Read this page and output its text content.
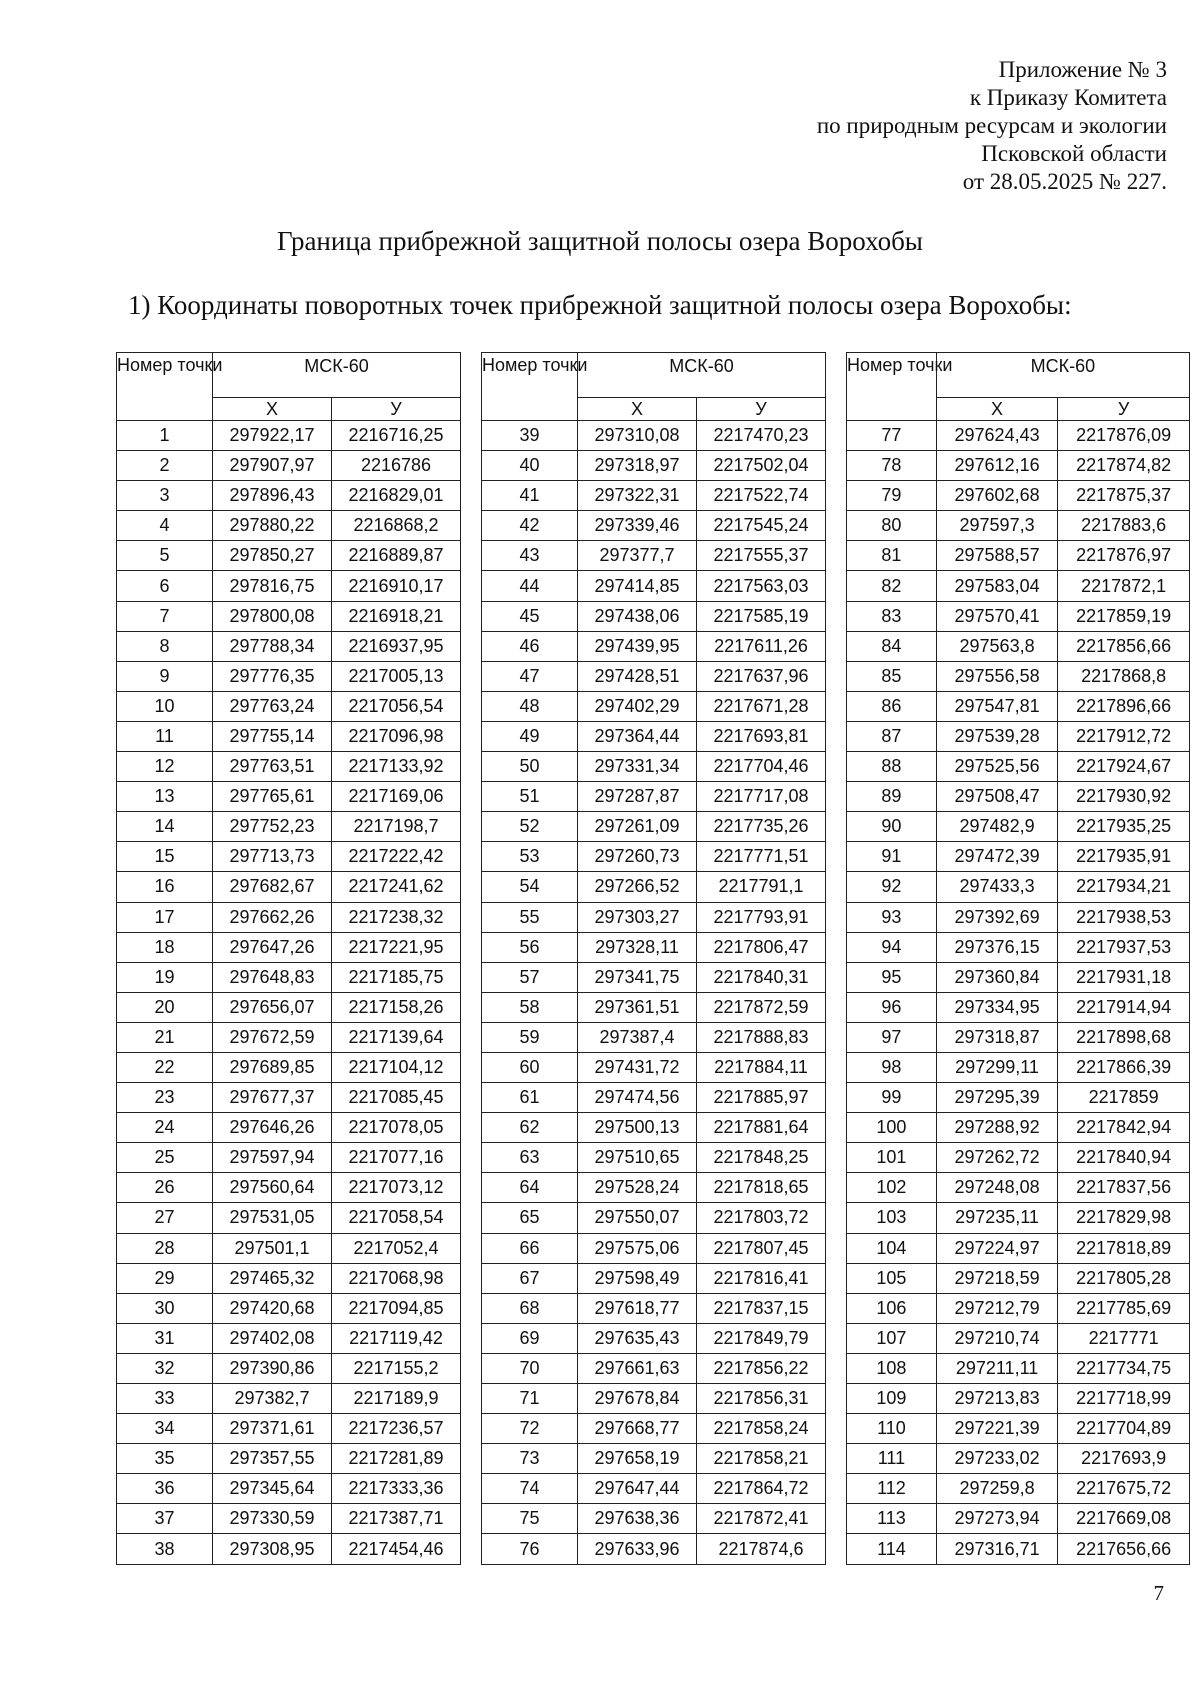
Приложение № 3
к Приказу Комитета
по природным ресурсам и экологии
Псковской области
от 28.05.2025 № 227.
Граница прибрежной защитной полосы озера Ворохобы
1) Координаты поворотных точек прибрежной защитной полосы озера Ворохобы:
Номер точки	МСК-60	
	X	У
1	297922,17	2216716,25
2	297907,97	2216786
3	297896,43	2216829,01
4	297880,22	2216868,2
5	297850,27	2216889,87
6	297816,75	2216910,17
7	297800,08	2216918,21
8	297788,34	2216937,95
9	297776,35	2217005,13
10	297763,24	2217056,54
11	297755,14	2217096,98
12	297763,51	2217133,92
13	297765,61	2217169,06
14	297752,23	2217198,7
15	297713,73	2217222,42
16	297682,67	2217241,62
17	297662,26	2217238,32
18	297647,26	2217221,95
19	297648,83	2217185,75
20	297656,07	2217158,26
21	297672,59	2217139,64
22	297689,85	2217104,12
23	297677,37	2217085,45
24	297646,26	2217078,05
25	297597,94	2217077,16
26	297560,64	2217073,12
27	297531,05	2217058,54
28	297501,1	2217052,4
29	297465,32	2217068,98
30	297420,68	2217094,85
31	297402,08	2217119,42
32	297390,86	2217155,2
33	297382,7	2217189,9
34	297371,61	2217236,57
35	297357,55	2217281,89
36	297345,64	2217333,36
37	297330,59	2217387,71
38	297308,95	2217454,46
Номер точки	МСК-60	
	X	У
39	297310,08	2217470,23
40	297318,97	2217502,04
41	297322,31	2217522,74
42	297339,46	2217545,24
43	297377,7	2217555,37
44	297414,85	2217563,03
45	297438,06	2217585,19
46	297439,95	2217611,26
47	297428,51	2217637,96
48	297402,29	2217671,28
49	297364,44	2217693,81
50	297331,34	2217704,46
51	297287,87	2217717,08
52	297261,09	2217735,26
53	297260,73	2217771,51
54	297266,52	2217791,1
55	297303,27	2217793,91
56	297328,11	2217806,47
57	297341,75	2217840,31
58	297361,51	2217872,59
59	297387,4	2217888,83
60	297431,72	2217884,11
61	297474,56	2217885,97
62	297500,13	2217881,64
63	297510,65	2217848,25
64	297528,24	2217818,65
65	297550,07	2217803,72
66	297575,06	2217807,45
67	297598,49	2217816,41
68	297618,77	2217837,15
69	297635,43	2217849,79
70	297661,63	2217856,22
71	297678,84	2217856,31
72	297668,77	2217858,24
73	297658,19	2217858,21
74	297647,44	2217864,72
75	297638,36	2217872,41
76	297633,96	2217874,6
Номер точки	МСК-60	
	X	У
77	297624,43	2217876,09
78	297612,16	2217874,82
79	297602,68	2217875,37
80	297597,3	2217883,6
81	297588,57	2217876,97
82	297583,04	2217872,1
83	297570,41	2217859,19
84	297563,8	2217856,66
85	297556,58	2217868,8
86	297547,81	2217896,66
87	297539,28	2217912,72
88	297525,56	2217924,67
89	297508,47	2217930,92
90	297482,9	2217935,25
91	297472,39	2217935,91
92	297433,3	2217934,21
93	297392,69	2217938,53
94	297376,15	2217937,53
95	297360,84	2217931,18
96	297334,95	2217914,94
97	297318,87	2217898,68
98	297299,11	2217866,39
99	297295,39	2217859
100	297288,92	2217842,94
101	297262,72	2217840,94
102	297248,08	2217837,56
103	297235,11	2217829,98
104	297224,97	2217818,89
105	297218,59	2217805,28
106	297212,79	2217785,69
107	297210,74	2217771
108	297211,11	2217734,75
109	297213,83	2217718,99
110	297221,39	2217704,89
111	297233,02	2217693,9
112	297259,8	2217675,72
113	297273,94	2217669,08
114	297316,71	2217656,66
7
